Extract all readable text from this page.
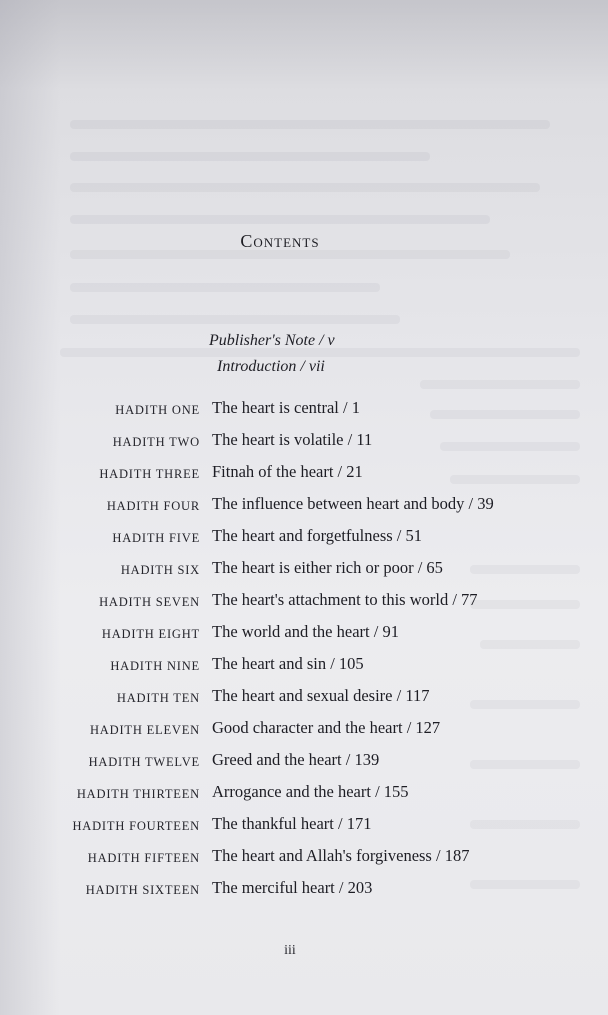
Contents
Publisher's Note / v
Introduction / vii
HADITH ONE The heart is central / 1
HADITH TWO The heart is volatile / 11
HADITH THREE Fitnah of the heart / 21
HADITH FOUR The influence between heart and body / 39
HADITH FIVE The heart and forgetfulness / 51
HADITH SIX The heart is either rich or poor / 65
HADITH SEVEN The heart's attachment to this world / 77
HADITH EIGHT The world and the heart / 91
HADITH NINE The heart and sin / 105
HADITH TEN The heart and sexual desire / 117
HADITH ELEVEN Good character and the heart / 127
HADITH TWELVE Greed and the heart / 139
HADITH THIRTEEN Arrogance and the heart / 155
HADITH FOURTEEN The thankful heart / 171
HADITH FIFTEEN The heart and Allah's forgiveness / 187
HADITH SIXTEEN The merciful heart / 203
iii
